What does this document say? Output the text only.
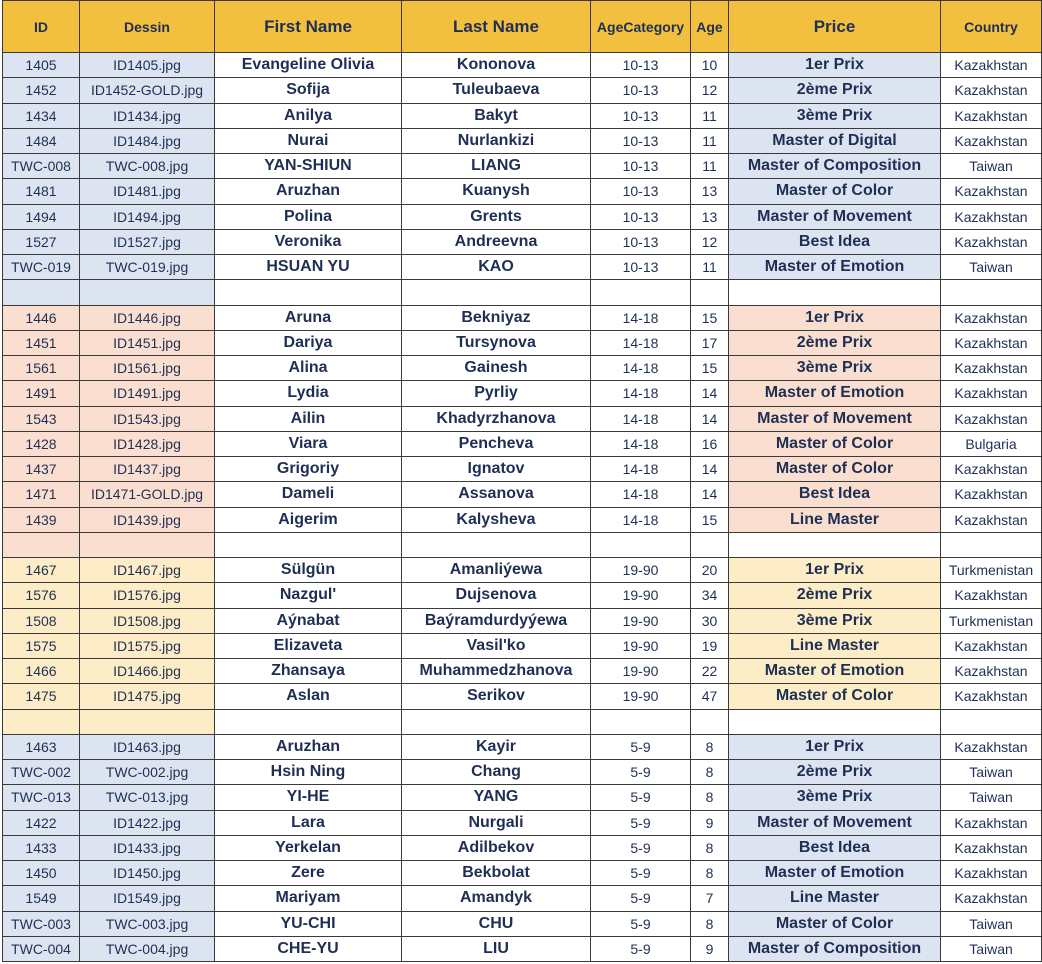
ID	Dessin	First Name	Last Name	AgeCategory	Age	Price	Country
1405	ID1405.jpg	Evangeline Olivia	Kononova	10-13	10	1er Prix	Kazakhstan
1452	ID1452-GOLD.jpg	Sofija	Tuleubaeva	10-13	12	2ème Prix	Kazakhstan
1434	ID1434.jpg	Anilya	Bakyt	10-13	11	3ème Prix	Kazakhstan
1484	ID1484.jpg	Nurai	Nurlankizi	10-13	11	Master of Digital	Kazakhstan
TWC-008	TWC-008.jpg	YAN-SHIUN	LIANG	10-13	11	Master of Composition	Taiwan
1481	ID1481.jpg	Aruzhan	Kuanysh	10-13	13	Master of Color	Kazakhstan
1494	ID1494.jpg	Polina	Grents	10-13	13	Master of Movement	Kazakhstan
1527	ID1527.jpg	Veronika	Andreevna	10-13	12	Best Idea	Kazakhstan
TWC-019	TWC-019.jpg	HSUAN YU	KAO	10-13	11	Master of Emotion	Taiwan

1446	ID1446.jpg	Aruna	Bekniyaz	14-18	15	1er Prix	Kazakhstan
1451	ID1451.jpg	Dariya	Tursynova	14-18	17	2ème Prix	Kazakhstan
1561	ID1561.jpg	Alina	Gainesh	14-18	15	3ème Prix	Kazakhstan
1491	ID1491.jpg	Lydia	Pyrliy	14-18	14	Master of Emotion	Kazakhstan
1543	ID1543.jpg	Ailin	Khadyrzhanova	14-18	14	Master of Movement	Kazakhstan
1428	ID1428.jpg	Viara	Pencheva	14-18	16	Master of Color	Bulgaria
1437	ID1437.jpg	Grigoriy	Ignatov	14-18	14	Master of Color	Kazakhstan
1471	ID1471-GOLD.jpg	Dameli	Assanova	14-18	14	Best Idea	Kazakhstan
1439	ID1439.jpg	Aigerim	Kalysheva	14-18	15	Line Master	Kazakhstan

1467	ID1467.jpg	Sülgün	Amanliýewa	19-90	20	1er Prix	Turkmenistan
1576	ID1576.jpg	Nazgul'	Dujsenova	19-90	34	2ème Prix	Kazakhstan
1508	ID1508.jpg	Aýnabat	Baýramdurdyýewa	19-90	30	3ème Prix	Turkmenistan
1575	ID1575.jpg	Elizaveta	Vasil'ko	19-90	19	Line Master	Kazakhstan
1466	ID1466.jpg	Zhansaya	Muhammedzhanova	19-90	22	Master of Emotion	Kazakhstan
1475	ID1475.jpg	Aslan	Serikov	19-90	47	Master of Color	Kazakhstan

1463	ID1463.jpg	Aruzhan	Kayir	5-9	8	1er Prix	Kazakhstan
TWC-002	TWC-002.jpg	Hsin Ning	Chang	5-9	8	2ème Prix	Taiwan
TWC-013	TWC-013.jpg	YI-HE	YANG	5-9	8	3ème Prix	Taiwan
1422	ID1422.jpg	Lara	Nurgali	5-9	9	Master of Movement	Kazakhstan
1433	ID1433.jpg	Yerkelan	Adilbekov	5-9	8	Best Idea	Kazakhstan
1450	ID1450.jpg	Zere	Bekbolat	5-9	8	Master of Emotion	Kazakhstan
1549	ID1549.jpg	Mariyam	Amandyk	5-9	7	Line Master	Kazakhstan
TWC-003	TWC-003.jpg	YU-CHI	CHU	5-9	8	Master of Color	Taiwan
TWC-004	TWC-004.jpg	CHE-YU	LIU	5-9	9	Master of Composition	Taiwan
